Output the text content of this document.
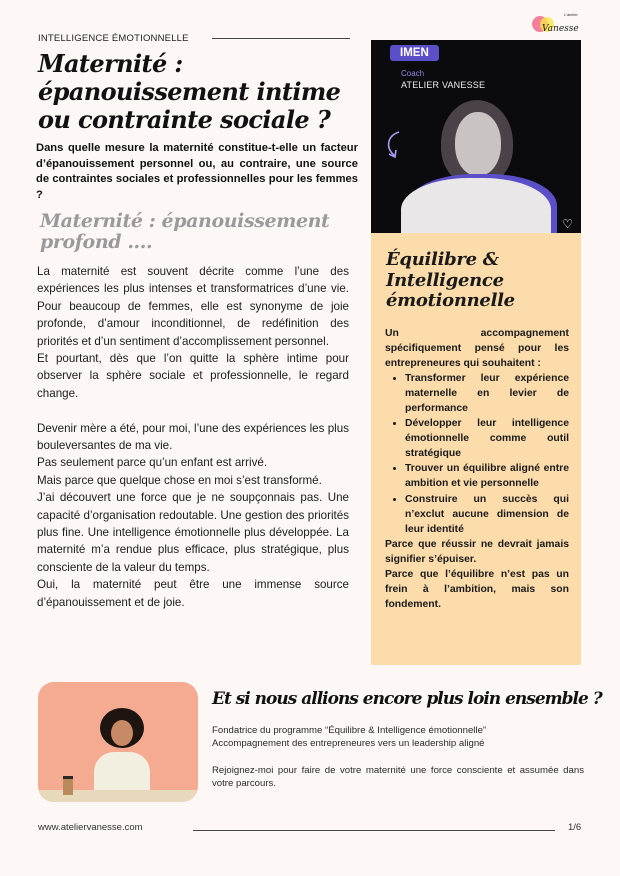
INTELLIGENCE ÉMOTIONNELLE
L'atelier
Vanesse
Maternité : épanouissement intime ou contrainte sociale ?
Dans quelle mesure la maternité constitue-t-elle un facteur d’épanouissement personnel ou, au contraire, une source de contraintes sociales et professionnelles pour les femmes ?
Maternité : épanouissement profond ....

La maternité est souvent décrite comme l’une des expériences les plus intenses et transformatrices d’une vie. Pour beaucoup de femmes, elle est synonyme de joie profonde, d’amour inconditionnel, de redéfinition des priorités et d’un sentiment d’accomplissement personnel.

Et pourtant, dès que l’on quitte la sphère intime pour observer la sphère sociale et professionnelle, le regard change.

Devenir mère a été, pour moi, l’une des expériences les plus bouleversantes de ma vie.

Pas seulement parce qu’un enfant est arrivé.

Mais parce que quelque chose en moi s’est transformé.

J’ai découvert une force que je ne soupçonnais pas. Une capacité d’organisation redoutable. Une gestion des priorités plus fine. Une intelligence émotionnelle plus développée. La maternité m’a rendue plus efficace, plus stratégique, plus consciente de la valeur du temps.

Oui, la maternité peut être une immense source d’épanouissement et de joie.

IMEN
Coach
ATELIER VANESSE
♡
Équilibre & Intelligence émotionnelle
Un accompagnement spécifiquement pensé pour les entrepreneures qui souhaitent :
• Transformer leur expérience maternelle en levier de performance
• Développer leur intelligence émotionnelle comme outil stratégique
• Trouver un équilibre aligné entre ambition et vie personnelle
• Construire un succès qui n’exclut aucune dimension de leur identité

Parce que réussir ne devrait jamais signifier s’épuiser.

Parce que l’équilibre n’est pas un frein à l’ambition, mais son fondement.

Et si nous allions encore plus loin ensemble ?

Fondatrice du programme “Équilibre & Intelligence émotionnelle”

Accompagnement des entrepreneures vers un leadership aligné

Rejoignez-moi pour faire de votre maternité une force consciente et assumée dans votre parcours.

www.ateliervanesse.com	1/6
